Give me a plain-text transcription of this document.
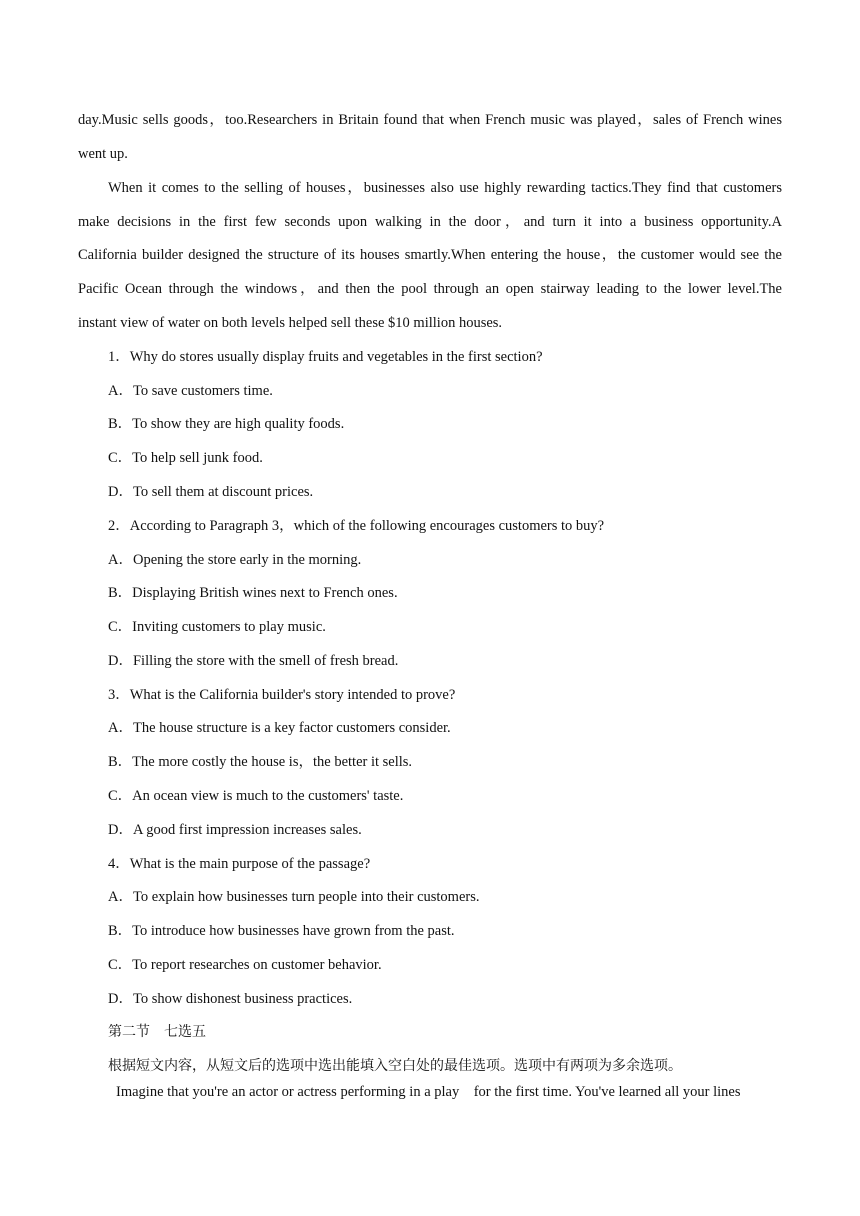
day.Music sells goods，too.Researchers in Britain found that when French music was played，sales of French wines
went up.
When it comes to the selling of houses，businesses also use highly rewarding tactics.They find that customers
make decisions in the first few seconds upon walking in the door，and turn it into a business opportunity.A
California builder designed the structure of its houses smartly.When entering the house，the customer would see the
Pacific Ocean through the windows，and then the pool through an open stairway leading to the lower level.The
instant view of water on both levels helped sell these $10 million houses.
1．Why do stores usually display fruits and vegetables in the first section?
A．To save customers time.
B．To show they are high quality foods.
C．To help sell junk food.
D．To sell them at discount prices.
2．According to Paragraph 3，which of the following encourages customers to buy?
A．Opening the store early in the morning.
B．Displaying British wines next to French ones.
C．Inviting customers to play music.
D．Filling the store with the smell of fresh bread.
3．What is the California builder's story intended to prove?
A．The house structure is a key factor customers consider.
B．The more costly the house is，the better it sells.
C．An ocean view is much to the customers' taste.
D．A good first impression increases sales.
4．What is the main purpose of the passage?
A．To explain how businesses turn people into their customers.
B．To introduce how businesses have grown from the past.
C．To report researches on customer behavior.
D．To show dishonest business practices.
第二节　七选五
根据短文内容，从短文后的选项中选出能填入空白处的最佳选项。选项中有两项为多余选项。
Imagine that you're an actor or actress performing in a play　for the first time. You've learned all your lines
